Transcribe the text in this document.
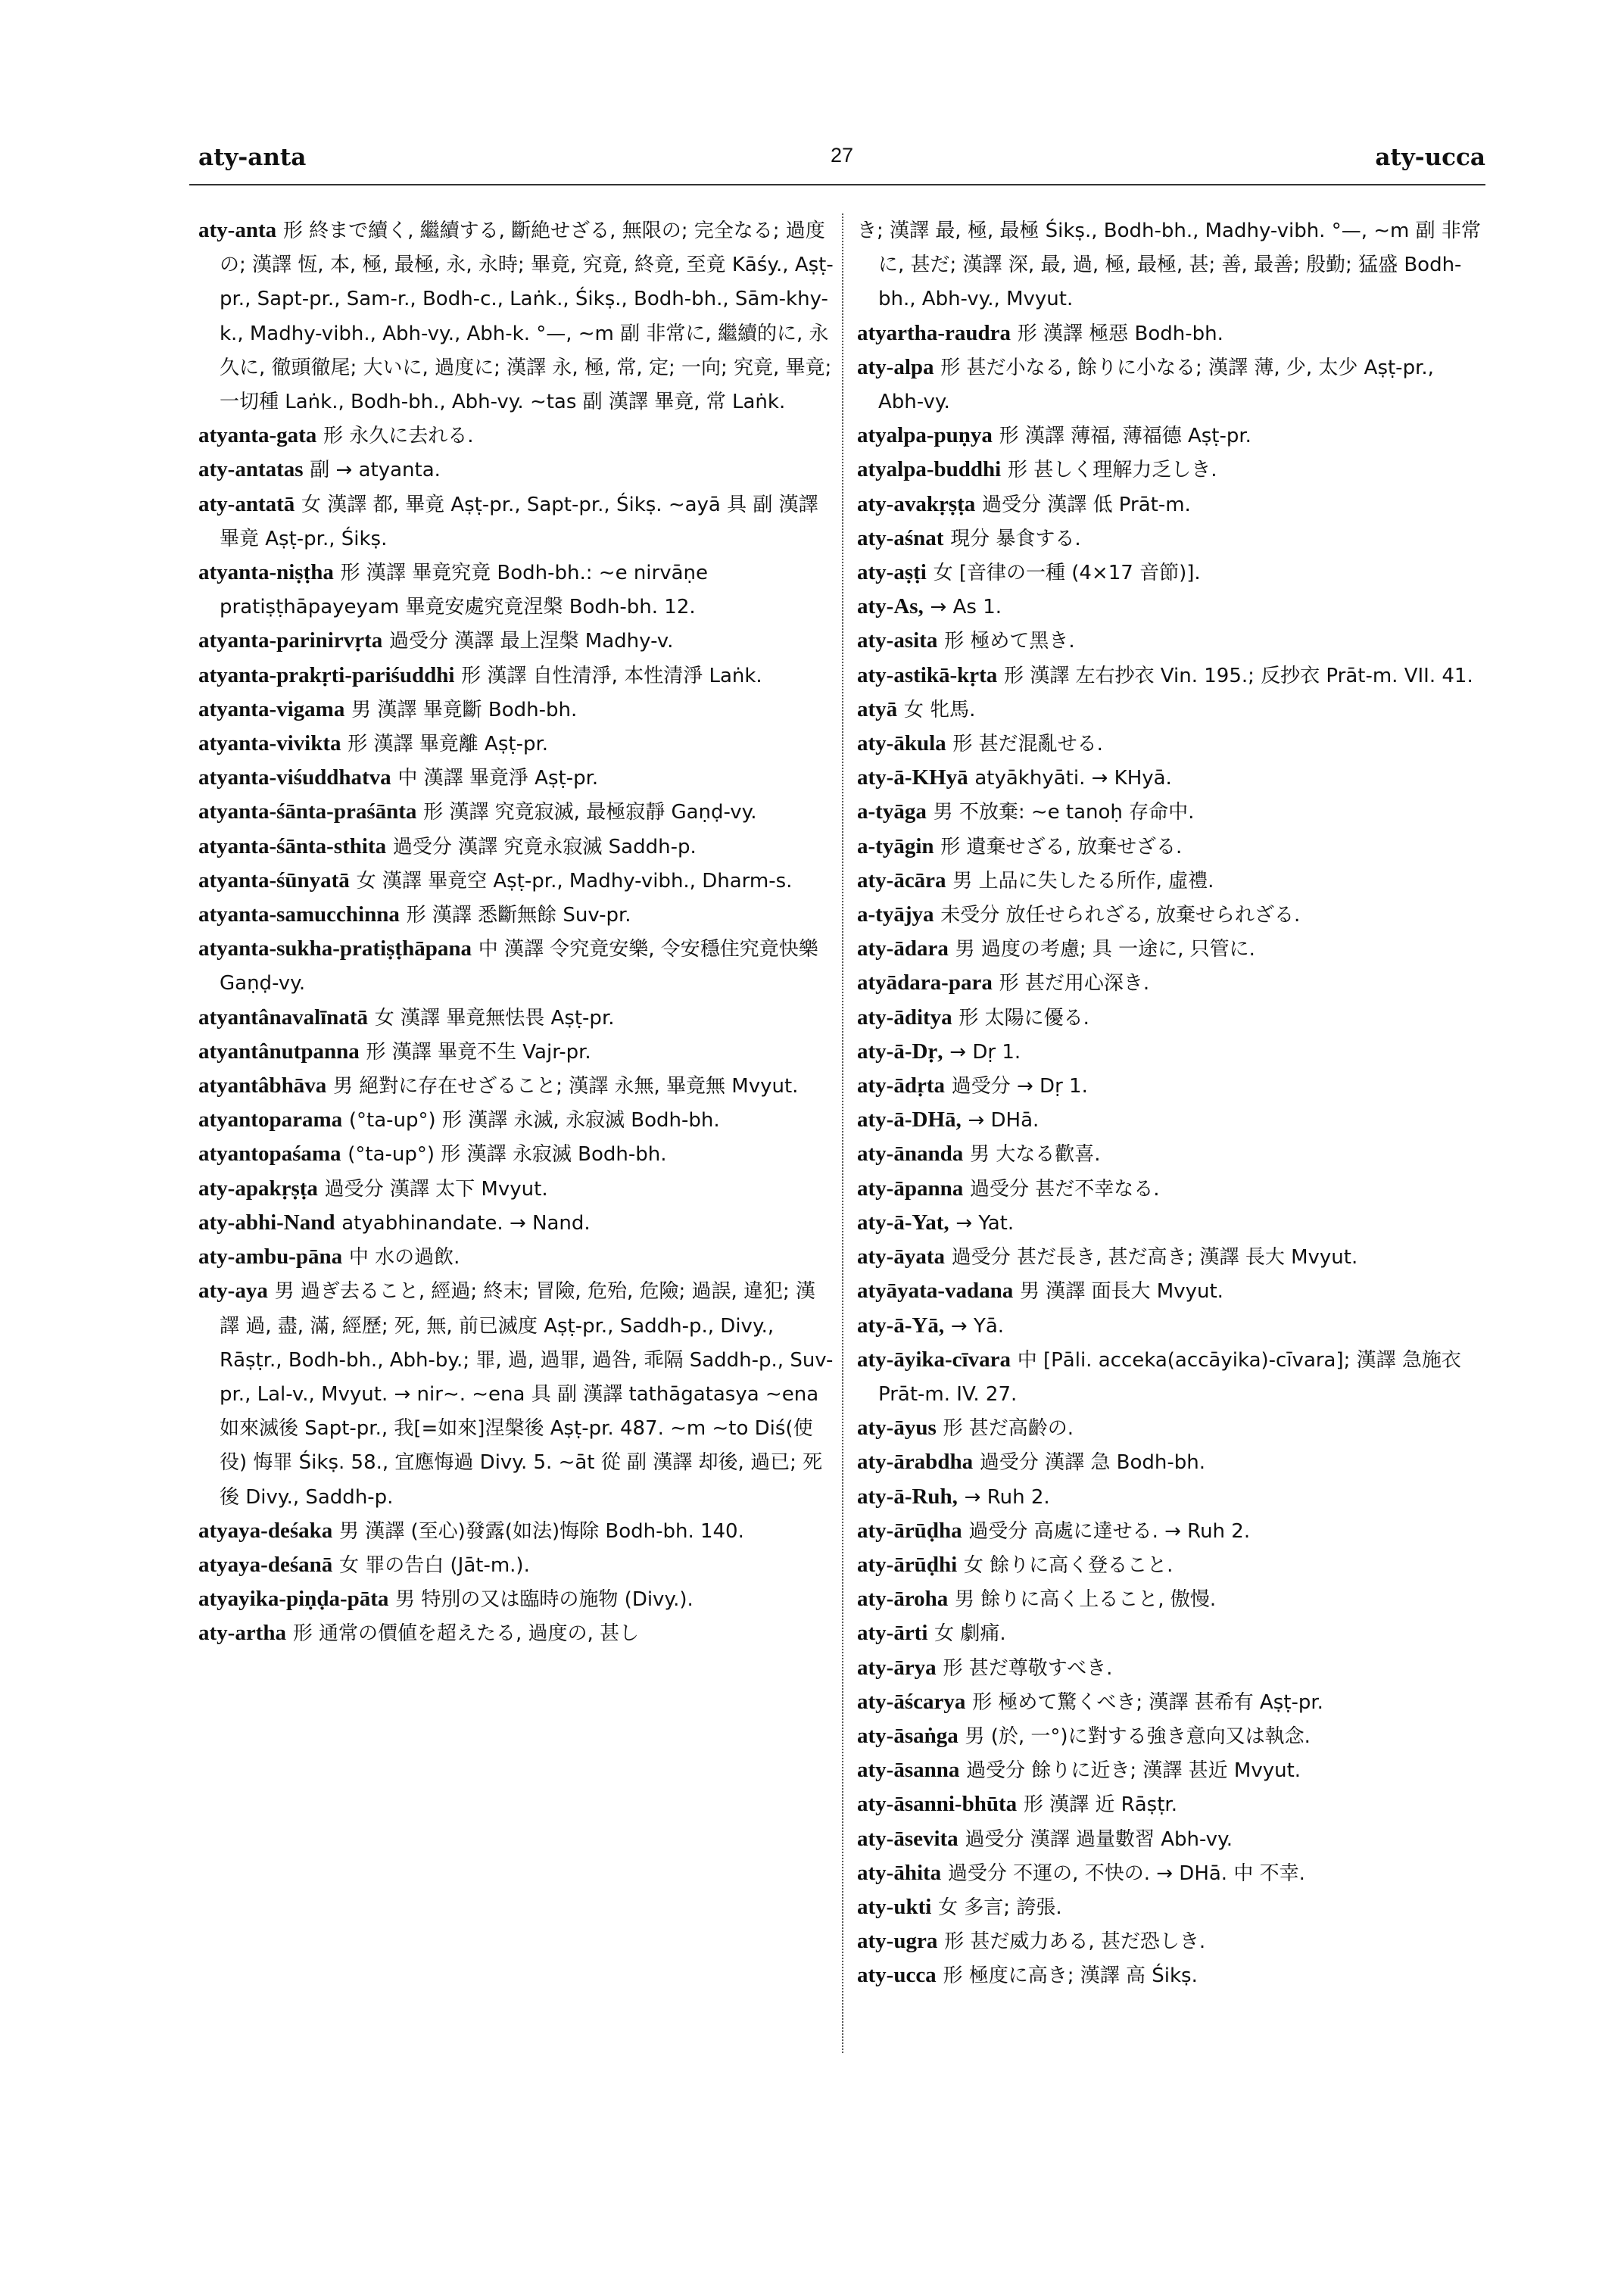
aty-anta	27	aty-ucca

aty-anta 形 終まで續く, 繼續する, 斷絶せざる, 無限の; 完全なる; 過度の; 漢譯 恆, 本, 極, 最極, 永, 永時; 畢竟, 究竟, 終竟, 至竟 Kāśy., Aṣṭ-pr., Sapt-pr., Sam-r., Bodh-c., Laṅk., Śikṣ., Bodh-bh., Sām-khy-k., Madhy-vibh., Abh-vy., Abh-k. °—, ∼m 副 非常に, 繼續的に, 永久に, 徹頭徹尾; 大いに, 過度に; 漢譯 永, 極, 常, 定; 一向; 究竟, 畢竟; 一切種 Laṅk., Bodh-bh., Abh-vy. ∼tas 副 漢譯 畢竟, 常 Laṅk.

atyanta-gata 形 永久に去れる.

aty-antatas 副 → atyanta.

aty-antatā 女 漢譯 都, 畢竟 Aṣṭ-pr., Sapt-pr., Śikṣ. ∼ayā 具 副 漢譯 畢竟 Aṣṭ-pr., Śikṣ.

atyanta-niṣṭha 形 漢譯 畢竟究竟 Bodh-bh.: ∼e nirvāṇe pratiṣṭhāpayeyam 畢竟安處究竟涅槃 Bodh-bh. 12.

atyanta-parinirvṛta 過受分 漢譯 最上涅槃 Madhy-v.

atyanta-prakṛti-pariśuddhi 形 漢譯 自性清淨, 本性清淨 Laṅk.

atyanta-vigama 男 漢譯 畢竟斷 Bodh-bh.

atyanta-vivikta 形 漢譯 畢竟離 Aṣṭ-pr.

atyanta-viśuddhatva 中 漢譯 畢竟淨 Aṣṭ-pr.

atyanta-śānta-praśānta 形 漢譯 究竟寂滅, 最極寂靜 Gaṇḍ-vy.

atyanta-śānta-sthita 過受分 漢譯 究竟永寂滅 Saddh-p.

atyanta-śūnyatā 女 漢譯 畢竟空 Aṣṭ-pr., Madhy-vibh., Dharm-s.

atyanta-samucchinna 形 漢譯 悉斷無餘 Suv-pr.

atyanta-sukha-pratiṣṭhāpana 中 漢譯 令究竟安樂, 令安穩住究竟快樂 Gaṇḍ-vy.

atyantânavalīnatā 女 漢譯 畢竟無怯畏 Aṣṭ-pr.

atyantânutpanna 形 漢譯 畢竟不生 Vajr-pr.

atyantâbhāva 男 絕對に存在せざること; 漢譯 永無, 畢竟無 Mvyut.

atyantoparama (°ta-up°) 形 漢譯 永滅, 永寂滅 Bodh-bh.

atyantopaśama (°ta-up°) 形 漢譯 永寂滅 Bodh-bh.

aty-apakṛṣṭa 過受分 漢譯 太下 Mvyut.

aty-abhi-Nand atyabhinandate. → Nand.

aty-ambu-pāna 中 水の過飲.

aty-aya 男 過ぎ去ること, 經過; 終末; 冒險, 危殆, 危險; 過誤, 違犯; 漢譯 過, 盡, 滿, 經歷; 死, 無, 前已滅度 Aṣṭ-pr., Saddh-p., Divy., Rāṣṭr., Bodh-bh., Abh-by.; 罪, 過, 過罪, 過咎, 乖隔 Saddh-p., Suv-pr., Lal-v., Mvyut. → nir∼. ∼ena 具 副 漢譯 tathāgatasya ∼ena 如來滅後 Sapt-pr., 我[=如來]涅槃後 Aṣṭ-pr. 487. ∼m ∼to Diś(使役) 悔罪 Śikṣ. 58., 宜應悔過 Divy. 5. ∼āt 從 副 漢譯 却後, 過已; 死後 Divy., Saddh-p.

atyaya-deśaka 男 漢譯 (至心)發露(如法)悔除 Bodh-bh. 140.

atyaya-deśanā 女 罪の告白 (Jāt-m.).

atyayika-piṇḍa-pāta 男 特別の又は臨時の施物 (Divy.).

aty-artha 形 通常の價値を超えたる, 過度の, 甚し

き; 漢譯 最, 極, 最極 Śikṣ., Bodh-bh., Madhy-vibh. °—, ∼m 副 非常に, 甚だ; 漢譯 深, 最, 過, 極, 最極, 甚; 善, 最善; 殷勤; 猛盛 Bodh-bh., Abh-vy., Mvyut.

atyartha-raudra 形 漢譯 極惡 Bodh-bh.

aty-alpa 形 甚だ小なる, 餘りに小なる; 漢譯 薄, 少, 太少 Aṣṭ-pr., Abh-vy.

atyalpa-puṇya 形 漢譯 薄福, 薄福德 Aṣṭ-pr.

atyalpa-buddhi 形 甚しく理解力乏しき.

aty-avakṛṣṭa 過受分 漢譯 低 Prāt-m.

aty-aśnat 現分 暴食する.

aty-aṣṭi 女 [音律の一種 (4×17 音節)].

aty-As, → As 1.

aty-asita 形 極めて黑き.

aty-astikā-kṛta 形 漢譯 左右抄衣 Vin. 195.; 反抄衣 Prāt-m. VII. 41.

atyā 女 牝馬.

aty-ākula 形 甚だ混亂せる.

aty-ā-KHyā atyākhyāti. → KHyā.

a-tyāga 男 不放棄: ∼e tanoḥ 存命中.

a-tyāgin 形 遺棄せざる, 放棄せざる.

aty-ācāra 男 上品に失したる所作, 虛禮.

a-tyājya 未受分 放任せられざる, 放棄せられざる.

aty-ādara 男 過度の考慮; 具 一途に, 只管に.

atyādara-para 形 甚だ用心深き.

aty-āditya 形 太陽に優る.

aty-ā-Dṛ, → Dṛ 1.

aty-ādṛta 過受分 → Dṛ 1.

aty-ā-DHā, → DHā.

aty-ānanda 男 大なる歡喜.

aty-āpanna 過受分 甚だ不幸なる.

aty-ā-Yat, → Yat.

aty-āyata 過受分 甚だ長き, 甚だ高き; 漢譯 長大 Mvyut.

atyāyata-vadana 男 漢譯 面長大 Mvyut.

aty-ā-Yā, → Yā.

aty-āyika-cīvara 中 [Pāli. acceka(accāyika)-cīvara]; 漢譯 急施衣 Prāt-m. IV. 27.

aty-āyus 形 甚だ高齡の.

aty-ārabdha 過受分 漢譯 急 Bodh-bh.

aty-ā-Ruh, → Ruh 2.

aty-ārūḍha 過受分 高處に達せる. → Ruh 2.

aty-ārūḍhi 女 餘りに高く登ること.

aty-āroha 男 餘りに高く上ること, 傲慢.

aty-ārti 女 劇痛.

aty-ārya 形 甚だ尊敬すべき.

aty-āścarya 形 極めて驚くべき; 漢譯 甚希有 Aṣṭ-pr.

aty-āsaṅga 男 (於, 一°)に對する強き意向又は執念.

aty-āsanna 過受分 餘りに近き; 漢譯 甚近 Mvyut.

aty-āsanni-bhūta 形 漢譯 近 Rāṣṭr.

aty-āsevita 過受分 漢譯 過量數習 Abh-vy.

aty-āhita 過受分 不運の, 不快の. → DHā. 中 不幸.

aty-ukti 女 多言; 誇張.

aty-ugra 形 甚だ威力ある, 甚だ恐しき.

aty-ucca 形 極度に高き; 漢譯 高 Śikṣ.
